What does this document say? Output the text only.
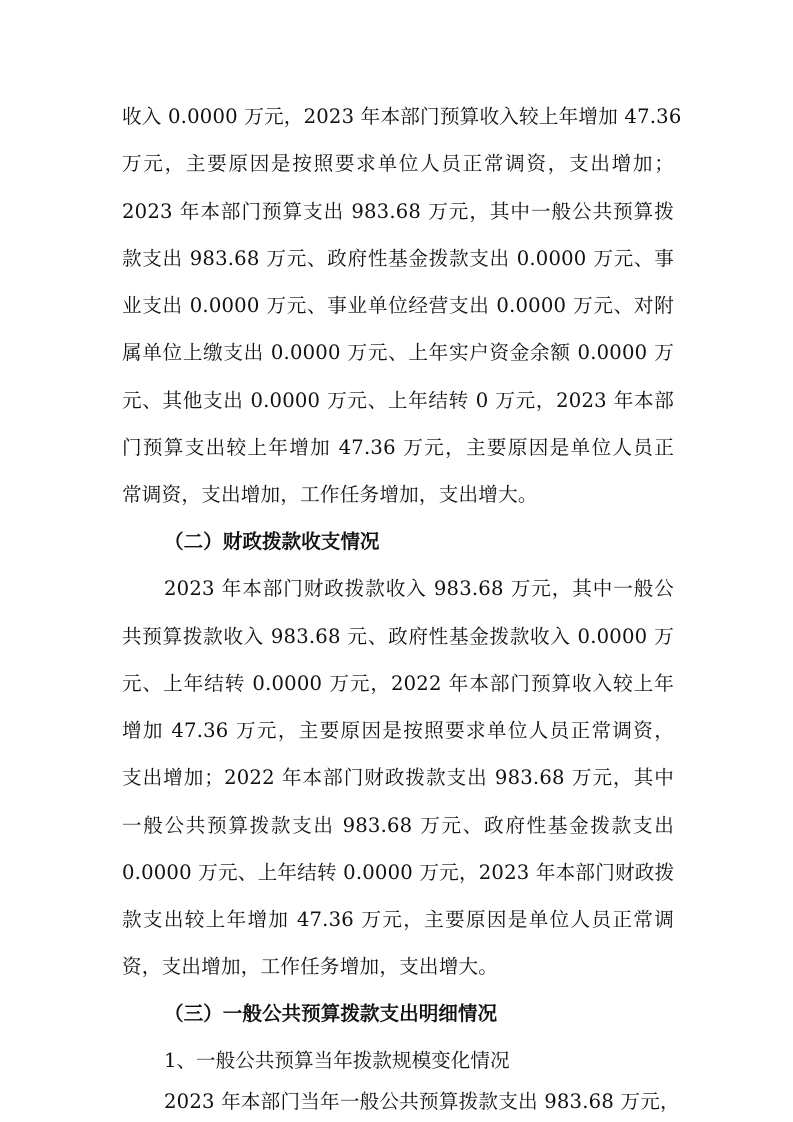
收入 0.0000 万元，2023 年本部门预算收入较上年增加 47.36
万元，主要原因是按照要求单位人员正常调资，支出增加；
2023 年本部门预算支出 983.68 万元，其中一般公共预算拨
款支出 983.68 万元、政府性基金拨款支出 0.0000 万元、事
业支出 0.0000 万元、事业单位经营支出 0.0000 万元、对附
属单位上缴支出 0.0000 万元、上年实户资金余额 0.0000 万
元、其他支出 0.0000 万元、上年结转 0 万元，2023 年本部
门预算支出较上年增加 47.36 万元，主要原因是单位人员正
常调资，支出增加，工作任务增加，支出增大。
（二）财政拨款收支情况
2023 年本部门财政拨款收入 983.68 万元，其中一般公
共预算拨款收入 983.68 元、政府性基金拨款收入 0.0000 万
元、上年结转 0.0000 万元，2022 年本部门预算收入较上年
增加 47.36 万元，主要原因是按照要求单位人员正常调资，
支出增加；2022 年本部门财政拨款支出 983.68 万元，其中
一般公共预算拨款支出 983.68 万元、政府性基金拨款支出
0.0000 万元、上年结转 0.0000 万元，2023 年本部门财政拨
款支出较上年增加 47.36 万元，主要原因是单位人员正常调
资，支出增加，工作任务增加，支出增大。
（三）一般公共预算拨款支出明细情况
1、一般公共预算当年拨款规模变化情况
2023 年本部门当年一般公共预算拨款支出 983.68 万元，
